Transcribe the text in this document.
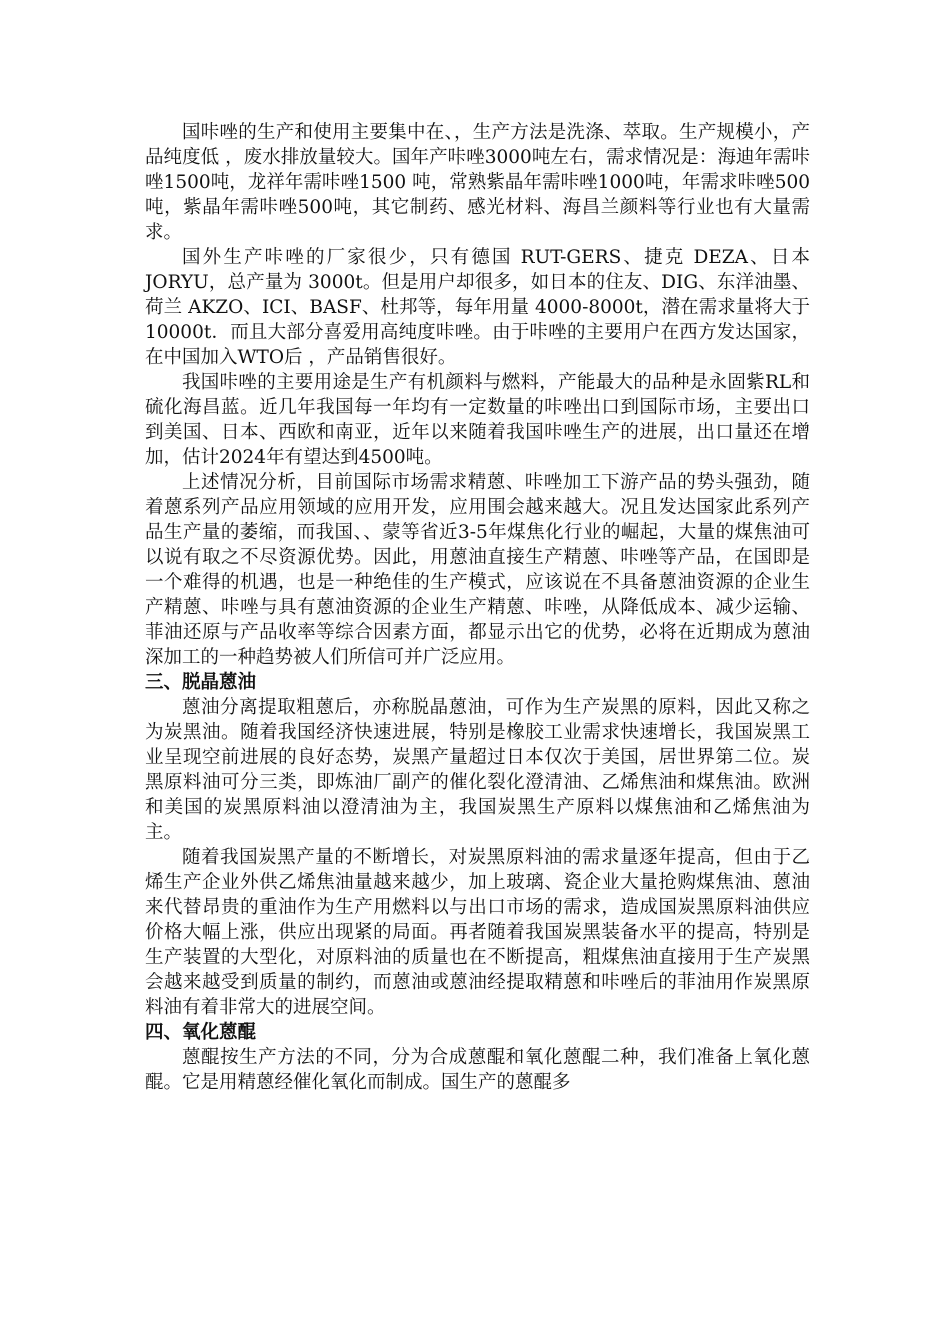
国咔唑的生产和使用主要集中在、，生产方法是洗涤、萃取。生产规模小，产品纯度低 ，废水排放量较大。国年产咔唑3000吨左右，需求情况是：海迪年需咔唑1500吨，龙祥年需咔唑1500 吨，常熟紫晶年需咔唑1000吨，年需求咔唑500吨，紫晶年需咔唑500吨，其它制药、感光材料、海昌兰颜料等行业也有大量需求。

国外生产咔唑的厂家很少，只有德国 RUT-GERS、捷克 DEZA、日本 JORYU，总产量为 3000t。但是用户却很多，如日本的住友、DIG、东洋油墨、荷兰 AKZO、ICI、BASF、杜邦等，每年用量 4000-8000t，潜在需求量将大于 10000t．而且大部分喜爱用高纯度咔唑。由于咔唑的主要用户在西方发达国家，在中国加入WTO后 ，产品销售很好。

我国咔唑的主要用途是生产有机颜料与燃料，产能最大的品种是永固紫RL和硫化海昌蓝。近几年我国每一年均有一定数量的咔唑出口到国际市场，主要出口到美国、日本、西欧和南亚，近年以来随着我国咔唑生产的进展，出口量还在增加，估计2024年有望达到4500吨。

上述情况分析，目前国际市场需求精蒽、咔唑加工下游产品的势头强劲，随着蒽系列产品应用领域的应用开发，应用围会越来越大。况且发达国家此系列产品生产量的萎缩，而我国、、蒙等省近3-5年煤焦化行业的崛起，大量的煤焦油可以说有取之不尽资源优势。因此，用蒽油直接生产精蒽、咔唑等产品，在国即是一个难得的机遇，也是一种绝佳的生产模式，应该说在不具备蒽油资源的企业生产精蒽、咔唑与具有蒽油资源的企业生产精蒽、咔唑，从降低成本、减少运输、菲油还原与产品收率等综合因素方面，都显示出它的优势，必将在近期成为蒽油深加工的一种趋势被人们所信可并广泛应用。

三、脱晶蒽油

蒽油分离提取粗蒽后，亦称脱晶蒽油，可作为生产炭黑的原料，因此又称之为炭黑油。随着我国经济快速进展，特别是橡胶工业需求快速增长，我国炭黑工业呈现空前进展的良好态势，炭黑产量超过日本仅次于美国，居世界第二位。炭黑原料油可分三类，即炼油厂副产的催化裂化澄清油、乙烯焦油和煤焦油。欧洲和美国的炭黑原料油以澄清油为主，我国炭黑生产原料以煤焦油和乙烯焦油为主。

随着我国炭黑产量的不断增长，对炭黑原料油的需求量逐年提高，但由于乙烯生产企业外供乙烯焦油量越来越少，加上玻璃、瓷企业大量抢购煤焦油、蒽油来代替昂贵的重油作为生产用燃料以与出口市场的需求，造成国炭黑原料油供应价格大幅上涨，供应出现紧的局面。再者随着我国炭黑装备水平的提高，特别是生产装置的大型化，对原料油的质量也在不断提高，粗煤焦油直接用于生产炭黑会越来越受到质量的制约，而蒽油或蒽油经提取精蒽和咔唑后的菲油用作炭黑原料油有着非常大的进展空间。

四、氧化蒽醌

蒽醌按生产方法的不同，分为合成蒽醌和氧化蒽醌二种，我们准备上氧化蒽醌。它是用精蒽经催化氧化而制成。国生产的蒽醌多
